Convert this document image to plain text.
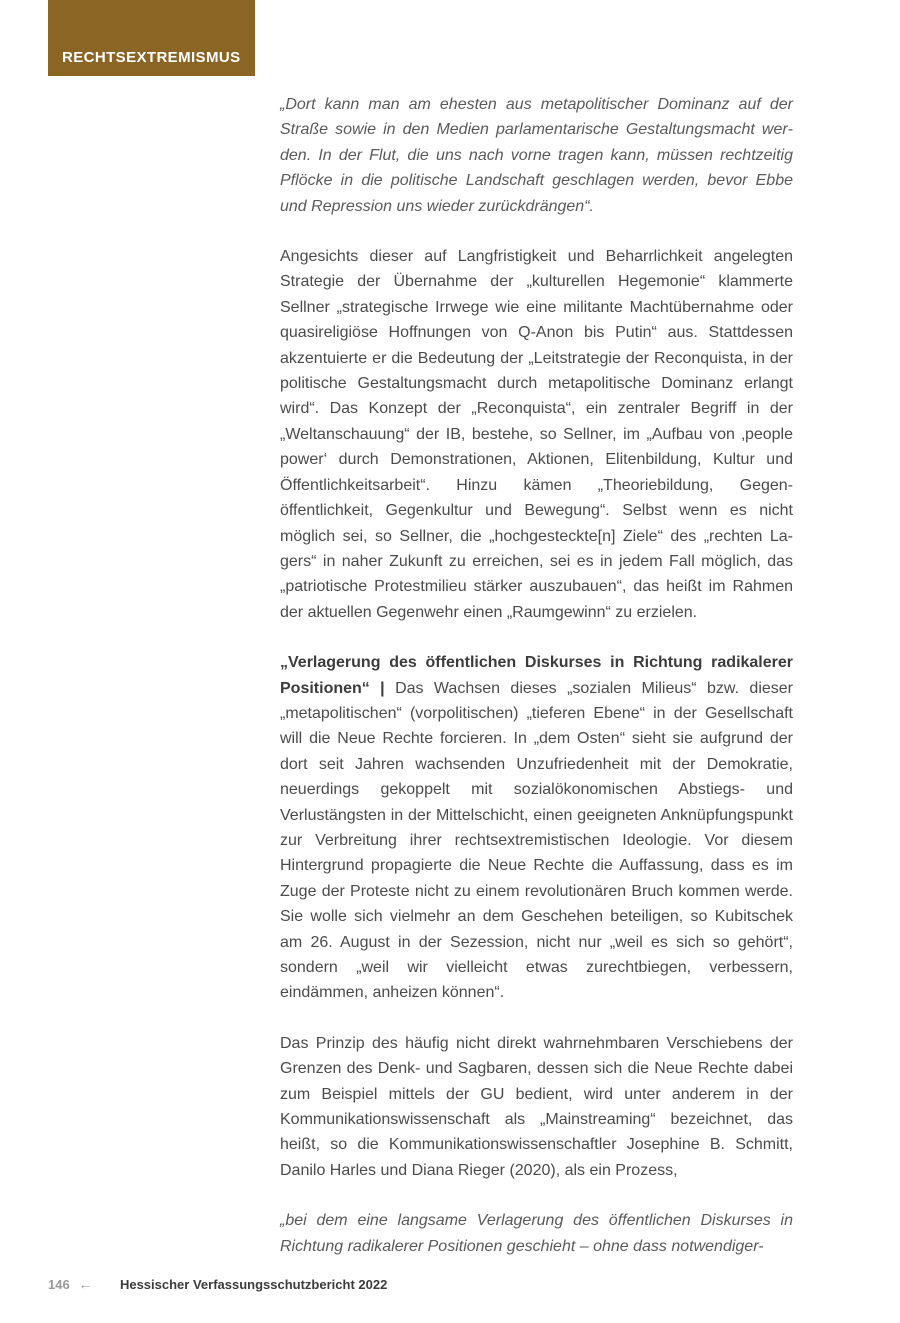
RECHTSEXTREMISMUS

„Dort kann man am ehesten aus metapolitischer Dominanz auf der Straße sowie in den Medien parlamentarische Gestaltungsmacht werden. In der Flut, die uns nach vorne tragen kann, müssen rechtzeitig Pflöcke in die politische Landschaft geschlagen werden, bevor Ebbe und Repression uns wieder zurückdrängen“.

Angesichts dieser auf Langfristigkeit und Beharrlichkeit angelegten Strategie der Übernahme der „kulturellen Hegemonie“ klammerte Sellner „strategische Irrwege wie eine militante Machtübernahme oder quasireligiöse Hoffnungen von Q-Anon bis Putin“ aus. Stattdessen akzentuierte er die Bedeutung der „Leitstrategie der Reconquista, in der politische Gestaltungsmacht durch metapolitische Dominanz erlangt wird“. Das Konzept der „Reconquista“, ein zentraler Begriff in der „Weltanschauung“ der IB, bestehe, so Sellner, im „Aufbau von ‚people power‘ durch Demonstrationen, Aktionen, Elitenbildung, Kultur und Öffentlichkeitsarbeit“. Hinzu kämen „Theoriebildung, Gegenöffentlichkeit, Gegenkultur und Bewegung“. Selbst wenn es nicht möglich sei, so Sellner, die „hochgesteckte[n] Ziele“ des „rechten Lagers“ in naher Zukunft zu erreichen, sei es in jedem Fall möglich, das „patriotische Protestmilieu stärker auszubauen“, das heißt im Rahmen der aktuellen Gegenwehr einen „Raumgewinn“ zu erzielen.

„Verlagerung des öffentlichen Diskurses in Richtung radikalerer Positionen“ | Das Wachsen dieses „sozialen Milieus“ bzw. dieser „metapolitischen“ (vorpolitischen) „tieferen Ebene“ in der Gesellschaft will die Neue Rechte forcieren. In „dem Osten“ sieht sie aufgrund der dort seit Jahren wachsenden Unzufriedenheit mit der Demokratie, neuerdings gekoppelt mit sozialökonomischen Abstiegs- und Verlustängsten in der Mittelschicht, einen geeigneten Anknüpfungspunkt zur Verbreitung ihrer rechtsextremistischen Ideologie. Vor diesem Hintergrund propagierte die Neue Rechte die Auffassung, dass es im Zuge der Proteste nicht zu einem revolutionären Bruch kommen werde. Sie wolle sich vielmehr an dem Geschehen beteiligen, so Kubitschek am 26. August in der Sezession, nicht nur „weil es sich so gehört“, sondern „weil wir vielleicht etwas zurechtbiegen, verbessern, eindämmen, anheizen können“.

Das Prinzip des häufig nicht direkt wahrnehmbaren Verschiebens der Grenzen des Denk- und Sagbaren, dessen sich die Neue Rechte dabei zum Beispiel mittels der GU bedient, wird unter anderem in der Kommunikationswissenschaft als „Mainstreaming“ bezeichnet, das heißt, so die Kommunikationswissenschaftler Josephine B. Schmitt, Danilo Harles und Diana Rieger (2020), als ein Prozess,

„bei dem eine langsame Verlagerung des öffentlichen Diskurses in Richtung radikalerer Positionen geschieht – ohne dass notwendiger-

146 ← Hessischer Verfassungsschutzbericht 2022
